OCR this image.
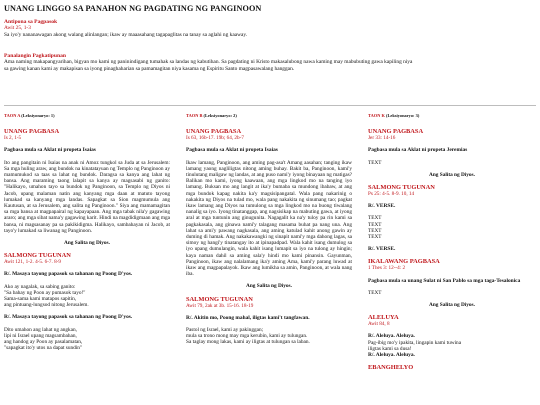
UNANG LINGGO SA PANAHON NG PAGDATING NG PANGINOON
Antipona sa Pagpasok
Awit 25, 1-3
Sa iyo'y nananawagan akong walang alinlangan; ikaw ay maaasahang tagapaglitas na tanay sa aglahi ng kaaway.
Panalangin Pagkatipunan
Ama naming makapangyarihan, bigyan mo kami ng paninindigang tumahak sa landas ng kabutihan. Sa pagdating ni Kristo makasalubong nawa kaming may mabubuting gawa kapiling niya
sa gawing kanan kami ay makapisan sa iyong pinaghaharian sa pamamagitan niya kasama ng Espiritu Santo magpasawalang hanggan.
TAON A (Leksiyonaryo: 1)
UNANG PAGBASA
Is 2, 1-5
Pagbasa mula sa Aklat ni propeta Isaias
Ito ang pangitain ni Isaias na anak ni Amoz tungkol sa Juda at sa Jerusalem: Sa mga huling araw, ang bundok na kinatatayuan ng Templo ng Panginoon ay mamumukod sa taas sa lahat ng bundok. Daragsa sa kanya ang lahat ng bansa. Ang maraming taong lalapit sa kanya ay magsasabi ng ganito: "Halikayo, umahon tayo sa bundok ng Panginoon, sa Templo ng Diyos ni Jacob, upang malaman natin ang kanyang mga daan at matuto tayong lumakad sa kanyang mga landas. Sapagkat sa Sion magmumula ang Kautusan, at sa Jerusalem, ang salita ng Panginoon." Siya ang mamamagitan sa mga bansa at magpapairal ng kapayapaan. Ang mga tabak nila'y gagawing araro; ang mga sibat nama'y gagawing karit. Hindi na magdidigmaan ang mga bansa, ni magsasanay pa sa pakikidigma. Halikayo, sambahayan ni Jacob, at tayo'y lumakad sa liwanag ng Panginoon.
Ang Salita ng Diyos.
SALMONG TUGUNAN
Awit 121, 1-2. 4-5. 6-7. 8-9
R/. Masaya tayong papasok sa tahanan ng Poong D'yos.
Ako ay nagalak, sa sabing ganito:
"Sa bahay ng Poon ay pumasok tayo!"
Sama-sama kami matapos sapitin,
ang pintuang-lungsod nitong Jerusalem.
R/. Masaya tayong papasok sa tahanan ng Poong D'yos.
Dito umahon ang lahat ng angkan,
lipi ni Israel upang magsambahan,
ang handog ay Poon ay pasalamatan,
"sapagkat ito'y utos na dapat sundin"
TAON B (Leksiyonaryo: 2)
UNANG PAGBASA
Is 63, 16b-17. 19b; 64, 2b-7
Pagbasa mula sa Aklat ni propeta Isaias
Ikaw lamang, Panginoon, ang aming pag-asa't Amang aasahan; tanging ikaw lamang yaong nagliligtas nitong aming buhay. Bakit ba, Panginoon, kami'y tinulutang maligaw ng landas, at ang puso nami'y iyong binayaan ng matigas? Balikan mo kami, iyong kaawaan, ang mga lingkod mo na tanging iyo lamang. Buksan mo ang langit at ika'y bumaba sa mundong ibabaw, at ang mga bundok kapag nakita ka'y magsisipangatal. Wala pang nakarinig o nakakita ng Diyos na tulad mo, wala pang nakakita ng sinumang tao; pagkat ikaw lamang ang Diyos na tumulong sa mga lingkod mo na buong tiwalang nanalig sa iyo. Iyong tinatanggap, ang nagsisikap na mabuting gawa, at iyong aral at mga tuntunin ang ginugunita. Nagagalit ka na'y tuloy pa rin kami sa pagkakasala, ang ginawa nami'y talagang masama buhat pa nang una. Ang lahat sa ami'y pawang nagkasala, ang aming katulad kahit anong gawin ay duming di hamak. Ang nakakawangki ng sinapit nami'y mga dahong lagas, sa simoy ng hangi'y tinatangay ito at ipinapadpad. Wala kahit isang dumulog sa iyo upang dumulangin, wala kahit isang lumapit sa iyo na tulong ay hingin; kaya naman dahil sa aming sala'y hindi mo kami pinansin. Gayunman, Panginoon, ikaw ang nalalamang ika'y aming Ama, kami'y parang luwad at ikaw ang magpapalayok. Ikaw ang lumikha sa amin, Panginoon, at wala nang iba.
Ang Salita ng Diyos.
SALMONG TUGUNAN
Awit 79, 2ak at 3b. 15-16. 18-19
R/. Akitin mo, Poong mahal, iligtas kami't tangfawan.
Pastol ng Israel, kami ay pakinggan;
mula sa trono mong may mga kerubin, kami ay tulungan.
Sa taglay mong lakas, kami ay iligtas at tulungan sa laban.
TAON K (Leksiyonaryo: 3)
UNANG PAGBASA
Jer 33: 14-16
Pagbasa mula sa Aklat ni propeta Jeremias
TEXT
Ang Salita ng Diyos.
SALMONG TUGUNAN
Ps 25: 4-5. 8-9. 10, 14
R/. VERSE.
TEXT
TEXT
TEXT
TEXT
R/. VERSE.
IKALAWANG PAGBASA
1 Thes 3: 12--4: 2
Pagbasa mula sa unang Sulat ni San Pablo sa mga taga-Tesalonica
TEXT
Ang Salita ng Diyos.
ALELUYA
Awit 84, 8
R/. Aleluya. Aleluya.
Pag-ibig mo'y ipakita, lingapin kami tuwina
iligtas kami sa dusa!
R/. Aleluya. Aleluya.
EBANGHELYO
